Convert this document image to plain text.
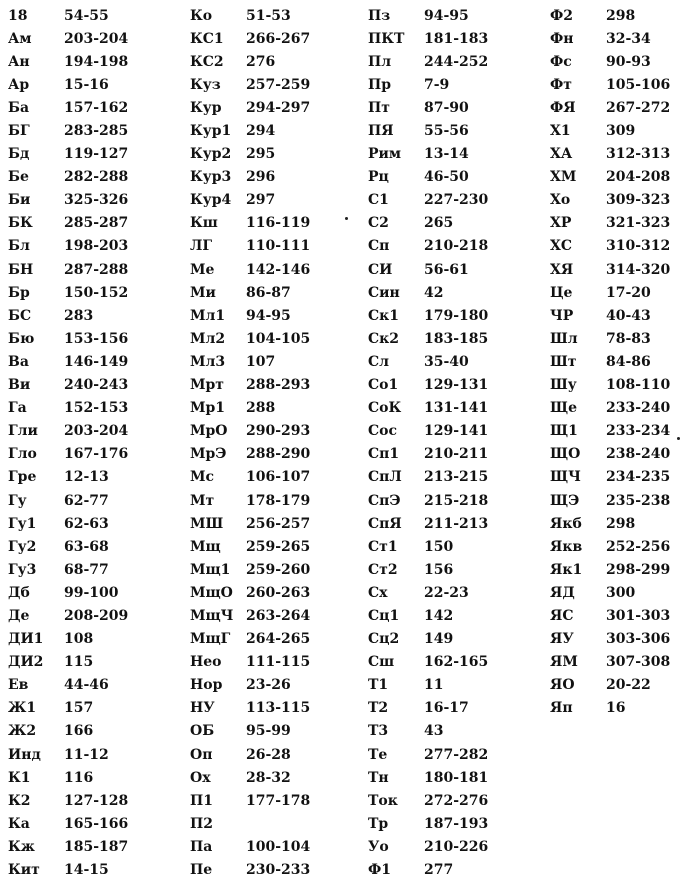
18	54-55
Ам	203-204
Ан	194-198
Ар	15-16
Ба	157-162
БГ	283-285
Бд	119-127
Бе	282-288
Би	325-326
БК	285-287
Бл	198-203
БН	287-288
Бр	150-152
БС	283
Бю	153-156
Ва	146-149
Ви	240-243
Га	152-153
Гли	203-204
Гло	167-176
Гре	12-13
Гу	62-77
Гу1	62-63
Гу2	63-68
Гу3	68-77
Дб	99-100
Де	208-209
ДИ1	108
ДИ2	115
Ев	44-46
Ж1	157
Ж2	166
Инд	11-12
К1	116
К2	127-128
Ка	165-166
Кж	185-187
Кит	14-15
Ко	51-53
КС1	266-267
КС2	276
Куз	257-259
Кур	294-297
Кур1	294
Кур2	295
Кур3	296
Кур4	297
Кш	116-119
ЛГ	110-111
Ме	142-146
Ми	86-87
Мл1	94-95
Мл2	104-105
Мл3	107
Мрт	288-293
Мр1	288
МрО	290-293
МрЭ	288-290
Мс	106-107
Мт	178-179
МШ	256-257
Мщ	259-265
Мщ1	259-260
МщО 260-263
МщЧ 263-264
МщГ	264-265
Нео	111-115
Нор	23-26
НУ	113-115
ОБ	95-99
Оп	26-28
Ох	28-32
П1	177-178
П2
Па	100-104
Пе	230-233
Пз	94-95
ПКТ	181-183
Пл	244-252
Пр	7-9
Пт	87-90
ПЯ	55-56
Рим	13-14
Рц	46-50
С1	227-230
С2	265
Сп	210-218
СИ	56-61
Син	42
Ск1	179-180
Ск2	183-185
Сл	35-40
Со1	129-131
СоК	131-141
Сос	129-141
Сп1	210-211
СпЛ	213-215
СпЭ	215-218
СпЯ	211-213
Ст1	150
Ст2	156
Сх	22-23
Сц1	142
Сц2	149
Сш	162-165
Т1	11
Т2	16-17
Т3	43
Те	277-282
Тн	180-181
Ток	272-276
Тр	187-193
Уо	210-226
Ф1	277
Ф2	298
Фн	32-34
Фс	90-93
Фт	105-106
ФЯ	267-272
Х1	309
ХА	312-313
ХМ	204-208
Хо	309-323
ХР	321-323
ХС	310-312
ХЯ	314-320
Це	17-20
ЧР	40-43
Шл	78-83
Шт	84-86
Шу	108-110
Ще	233-240
Щ1	233-234
ЩО	238-240
ЩЧ	234-235
ЩЭ	235-238
Якб	298
Якв	252-256
Як1	298-299
ЯД	300
ЯС	301-303
ЯУ	303-306
ЯМ	307-308
ЯО	20-22
Яп	16
